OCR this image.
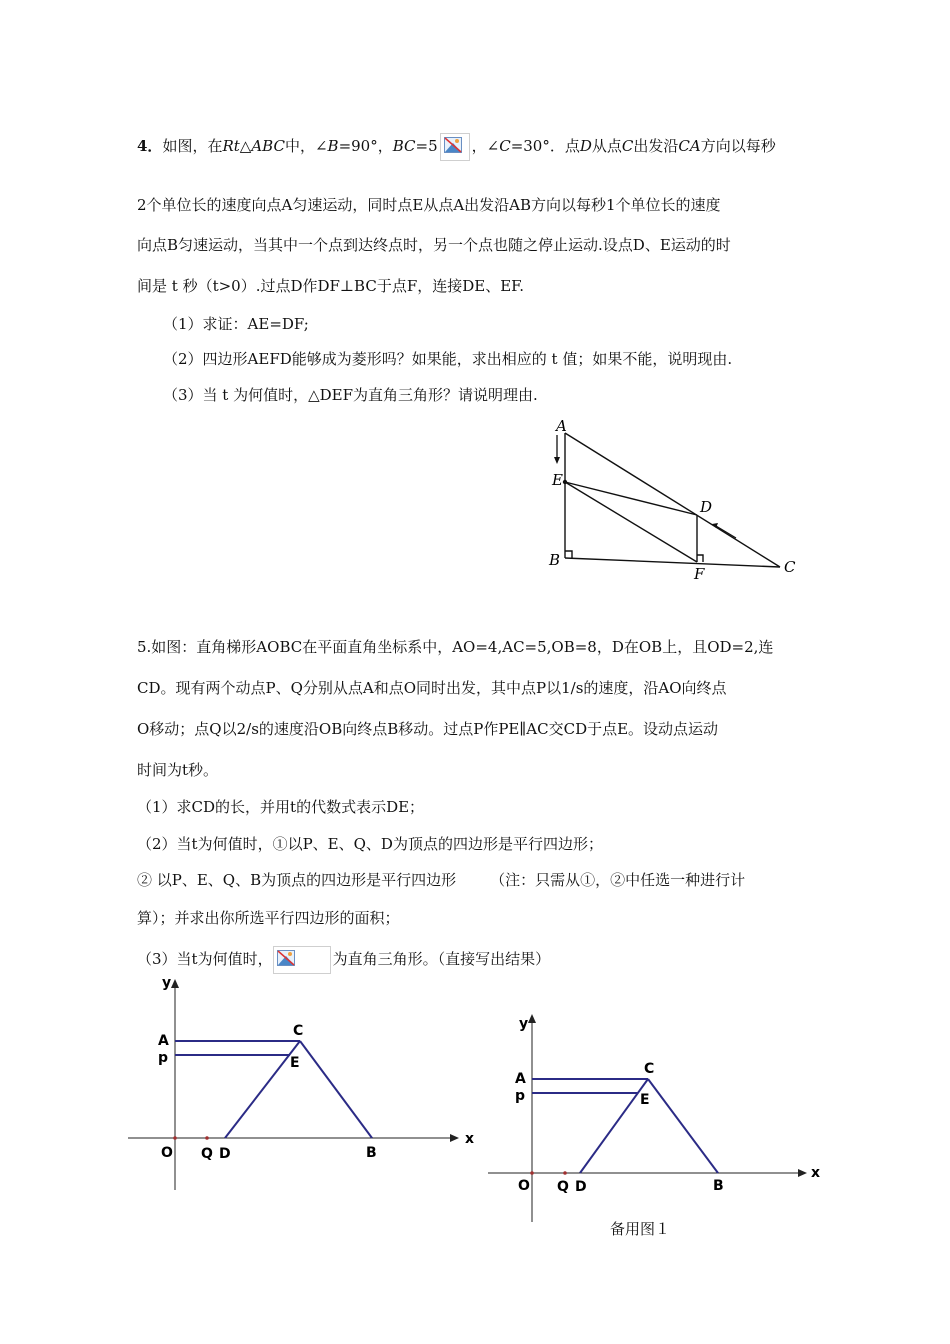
4．如图，在Rt△ABC中，∠B=90°，BC=5 ，∠C=30°．点D从点C出发沿CA方向以每秒
2个单位长的速度向点A匀速运动，同时点E从点A出发沿AB方向以每秒1个单位长的速度
向点B匀速运动，当其中一个点到达终点时，另一个点也随之停止运动.设点D、E运动的时
间是 t 秒（t>0）.过点D作DF⊥BC于点F，连接DE、EF.
（1）求证：AE=DF;
（2）四边形AEFD能够成为菱形吗？如果能，求出相应的 t 值；如果不能，说明现由.
（3）当 t 为何值时，△DEF为直角三角形？请说明理由.
A
E
D
B
F	C
5.如图：直角梯形AOBC在平面直角坐标系中，AO=4,AC=5,OB=8，D在OB上，且OD=2,连
CD。现有两个动点P、Q分别从点A和点O同时出发，其中点P以1/s的速度，沿AO向终点
O移动；点Q以2/s的速度沿OB向终点B移动。过点P作PE∥AC交CD于点E。设动点运动
时间为t秒。
（1）求CD的长，并用t的代数式表示DE；
（2）当t为何值时，①以P、E、Q、D为顶点的四边形是平行四边形；
② 以P、E、Q、B为顶点的四边形是平行四边形 （注：只需从①，②中任选一种进行计
算）；并求出你所选平行四边形的面积；
（3）当t为何值时，	为直角三角形。（直接写出结果）
y
x
A
p
C
E
O Q D	B
y
x
A
p
C
E
O Q D	B
备用图１
